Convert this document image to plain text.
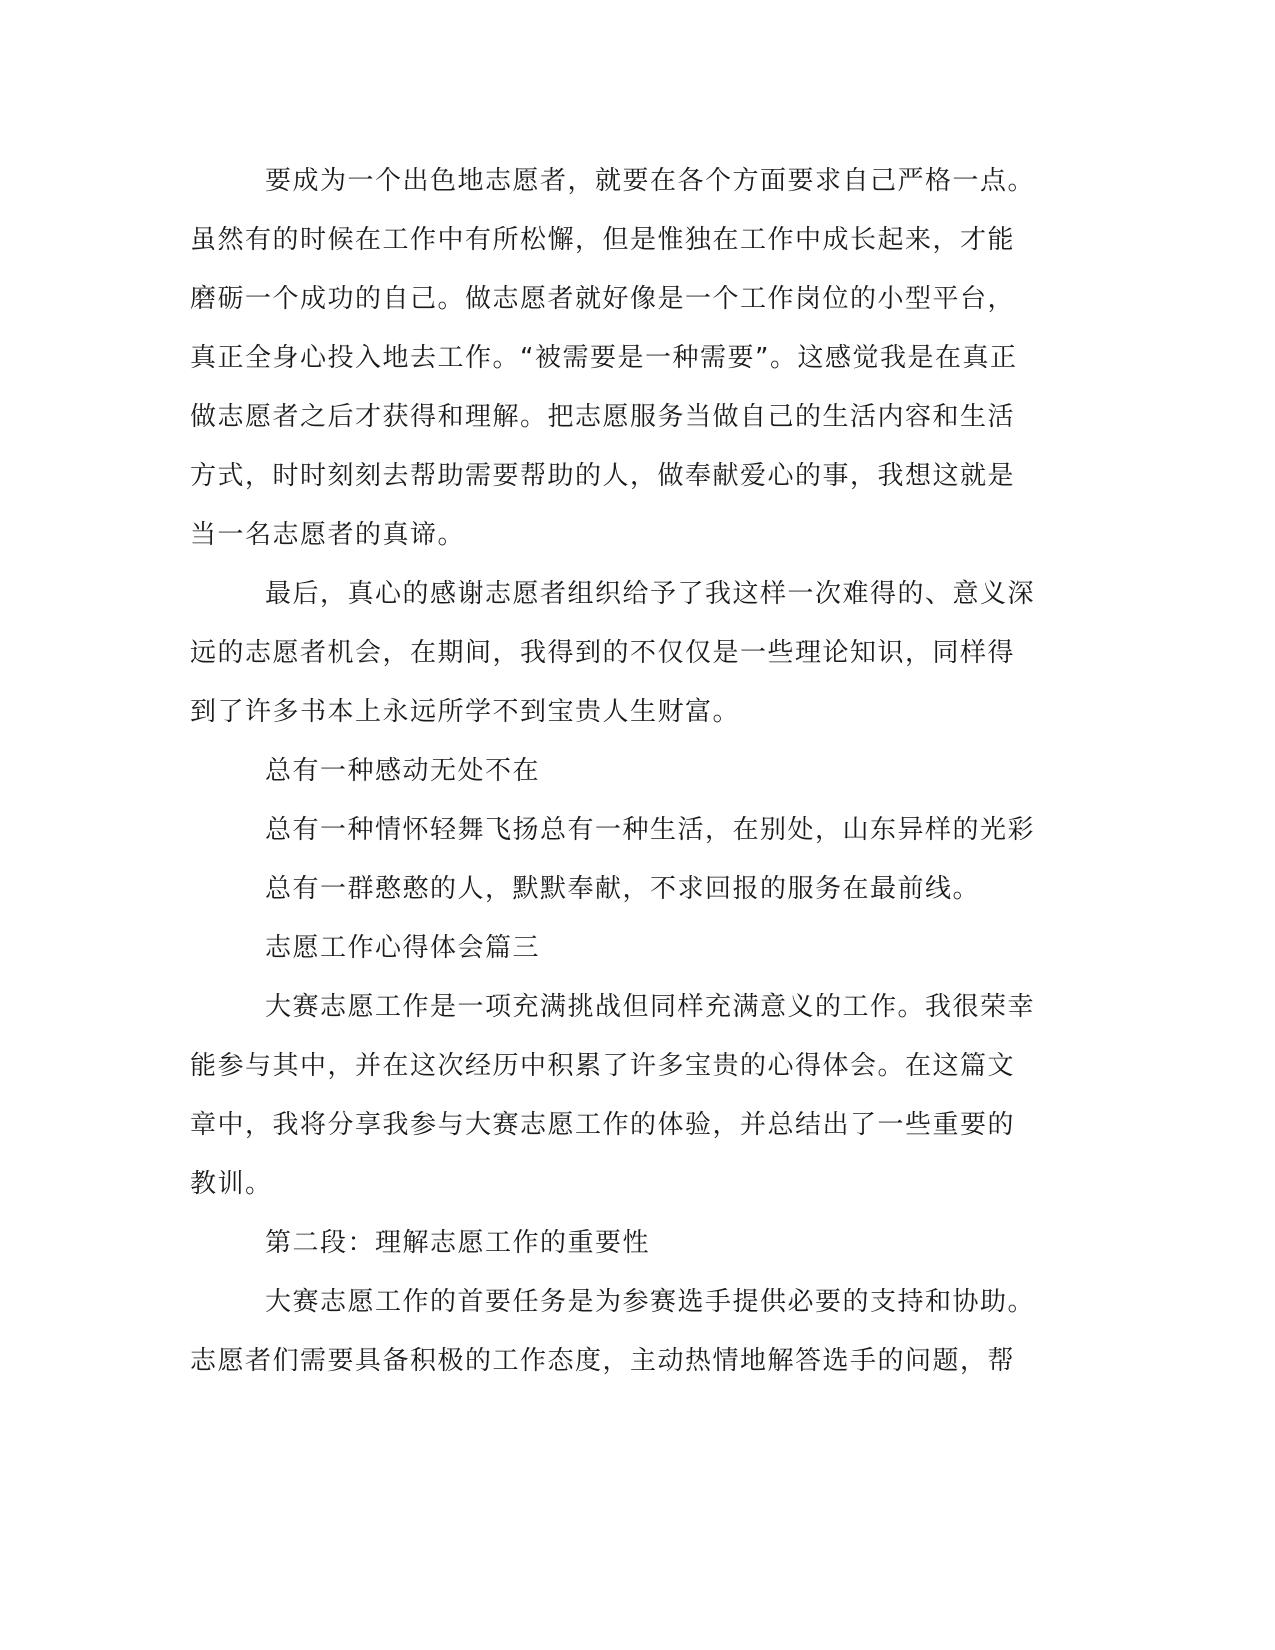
要成为一个出色地志愿者，就要在各个方面要求自己严格一点。
虽然有的时候在工作中有所松懈，但是惟独在工作中成长起来，才能
磨砺一个成功的自己。做志愿者就好像是一个工作岗位的小型平台，
真正全身心投入地去工作。“被需要是一种需要”。这感觉我是在真正
做志愿者之后才获得和理解。把志愿服务当做自己的生活内容和生活
方式，时时刻刻去帮助需要帮助的人，做奉献爱心的事，我想这就是
当一名志愿者的真谛。
最后，真心的感谢志愿者组织给予了我这样一次难得的、意义深
远的志愿者机会，在期间，我得到的不仅仅是一些理论知识，同样得
到了许多书本上永远所学不到宝贵人生财富。
总有一种感动无处不在
总有一种情怀轻舞飞扬总有一种生活，在别处，山东异样的光彩
总有一群憨憨的人，默默奉献，不求回报的服务在最前线。
志愿工作心得体会篇三
大赛志愿工作是一项充满挑战但同样充满意义的工作。我很荣幸
能参与其中，并在这次经历中积累了许多宝贵的心得体会。在这篇文
章中，我将分享我参与大赛志愿工作的体验，并总结出了一些重要的
教训。
第二段：理解志愿工作的重要性
大赛志愿工作的首要任务是为参赛选手提供必要的支持和协助。
志愿者们需要具备积极的工作态度，主动热情地解答选手的问题，帮
